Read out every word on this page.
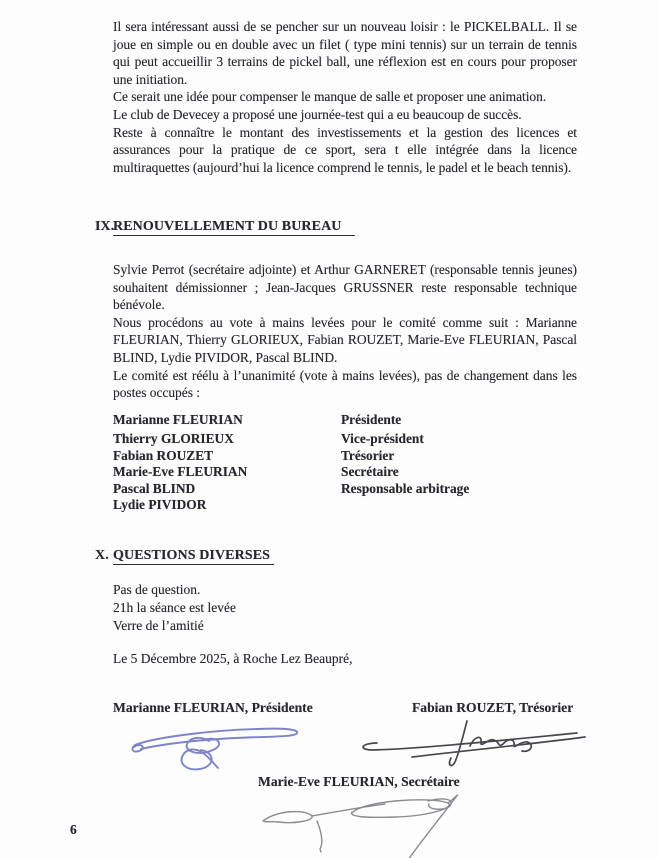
Il sera intéressant aussi de se pencher sur un nouveau loisir : le PICKELBALL. Il se joue en simple ou en double avec un filet ( type mini tennis) sur un terrain de tennis qui peut accueillir 3 terrains de pickel ball, une réflexion est en cours pour proposer une initiation.

Ce serait une idée pour compenser le manque de salle et proposer une animation.

Le club de Devecey a proposé une journée-test qui a eu beaucoup de succès.

Reste à connaître le montant des investissements et la gestion des licences et assurances pour la pratique de ce sport, sera t elle intégrée dans la licence multiraquettes (aujourd’hui la licence comprend le tennis, le padel et le beach tennis).

IX.RENOUVELLEMENT DU BUREAU

Sylvie Perrot (secrétaire adjointe) et Arthur GARNERET (responsable tennis jeunes) souhaitent démissionner ; Jean-Jacques GRUSSNER reste responsable technique bénévole.

Nous procédons au vote à mains levées pour le comité comme suit : Marianne FLEURIAN, Thierry GLORIEUX, Fabian ROUZET, Marie-Eve FLEURIAN, Pascal BLIND, Lydie PIVIDOR, Pascal BLIND.

Le comité est réélu à l’unanimité (vote à mains levées), pas de changement dans les postes occupés :

Marianne FLEURIAN	Présidente
Thierry GLORIEUX	Vice-président
Fabian ROUZET	Trésorier
Marie-Eve FLEURIAN	Secrétaire
Pascal BLIND	Responsable arbitrage
Lydie PIVIDOR
X. QUESTIONS DIVERSES
Pas de question.
21h la séance est levée
Verre de l’amitié
Le 5 Décembre 2025, à Roche Lez Beaupré,
Marianne FLEURIAN, Présidente	Fabian ROUZET, Trésorier
Marie-Eve FLEURIAN, Secrétaire
6
